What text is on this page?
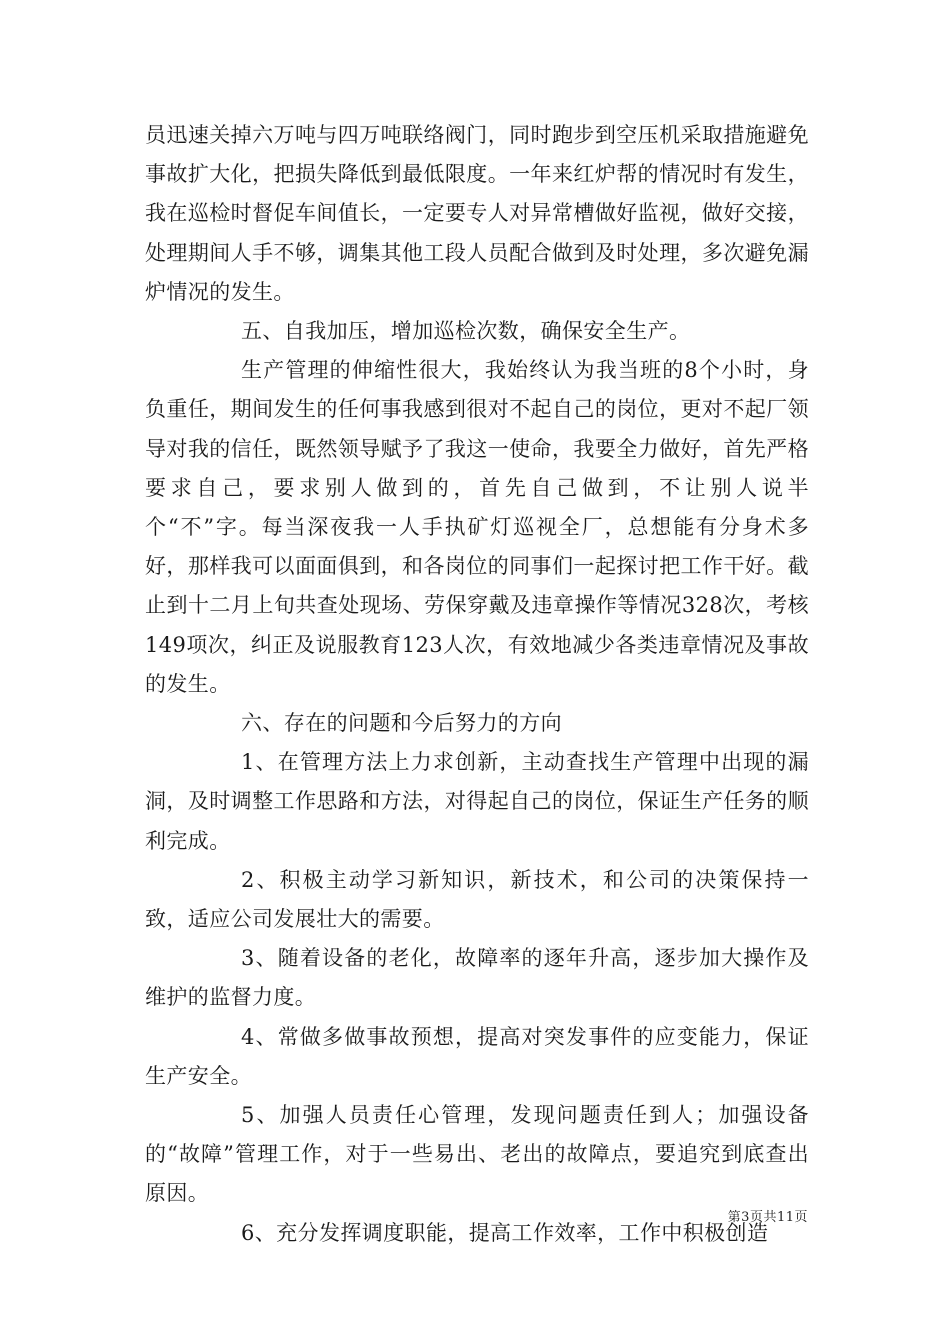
员迅速关掉六万吨与四万吨联络阀门，同时跑步到空压机采取措施避免事故扩大化，把损失降低到最低限度。一年来红炉帮的情况时有发生，我在巡检时督促车间值长，一定要专人对异常槽做好监视，做好交接，处理期间人手不够，调集其他工段人员配合做到及时处理，多次避免漏炉情况的发生。

五、自我加压，增加巡检次数，确保安全生产。

生产管理的伸缩性很大，我始终认为我当班的8个小时，身负重任，期间发生的任何事我感到很对不起自己的岗位，更对不起厂领导对我的信任，既然领导赋予了我这一使命，我要全力做好，首先严格要求自己，要求别人做到的，首先自己做到，不让别人说半个“不”字。每当深夜我一人手执矿灯巡视全厂，总想能有分身术多好，那样我可以面面俱到，和各岗位的同事们一起探讨把工作干好。截止到十二月上旬共查处现场、劳保穿戴及违章操作等情况328次，考核149项次，纠正及说服教育123人次，有效地减少各类违章情况及事故的发生。

六、存在的问题和今后努力的方向

1、在管理方法上力求创新，主动查找生产管理中出现的漏洞，及时调整工作思路和方法，对得起自己的岗位，保证生产任务的顺利完成。

2、积极主动学习新知识，新技术，和公司的决策保持一致，适应公司发展壮大的需要。

3、随着设备的老化，故障率的逐年升高，逐步加大操作及维护的监督力度。

4、常做多做事故预想，提高对突发事件的应变能力，保证生产安全。

5、加强人员责任心管理，发现问题责任到人；加强设备的“故障”管理工作，对于一些易出、老出的故障点，要追究到底查出原因。

6、充分发挥调度职能，提高工作效率，工作中积极创造

第3页共11页
